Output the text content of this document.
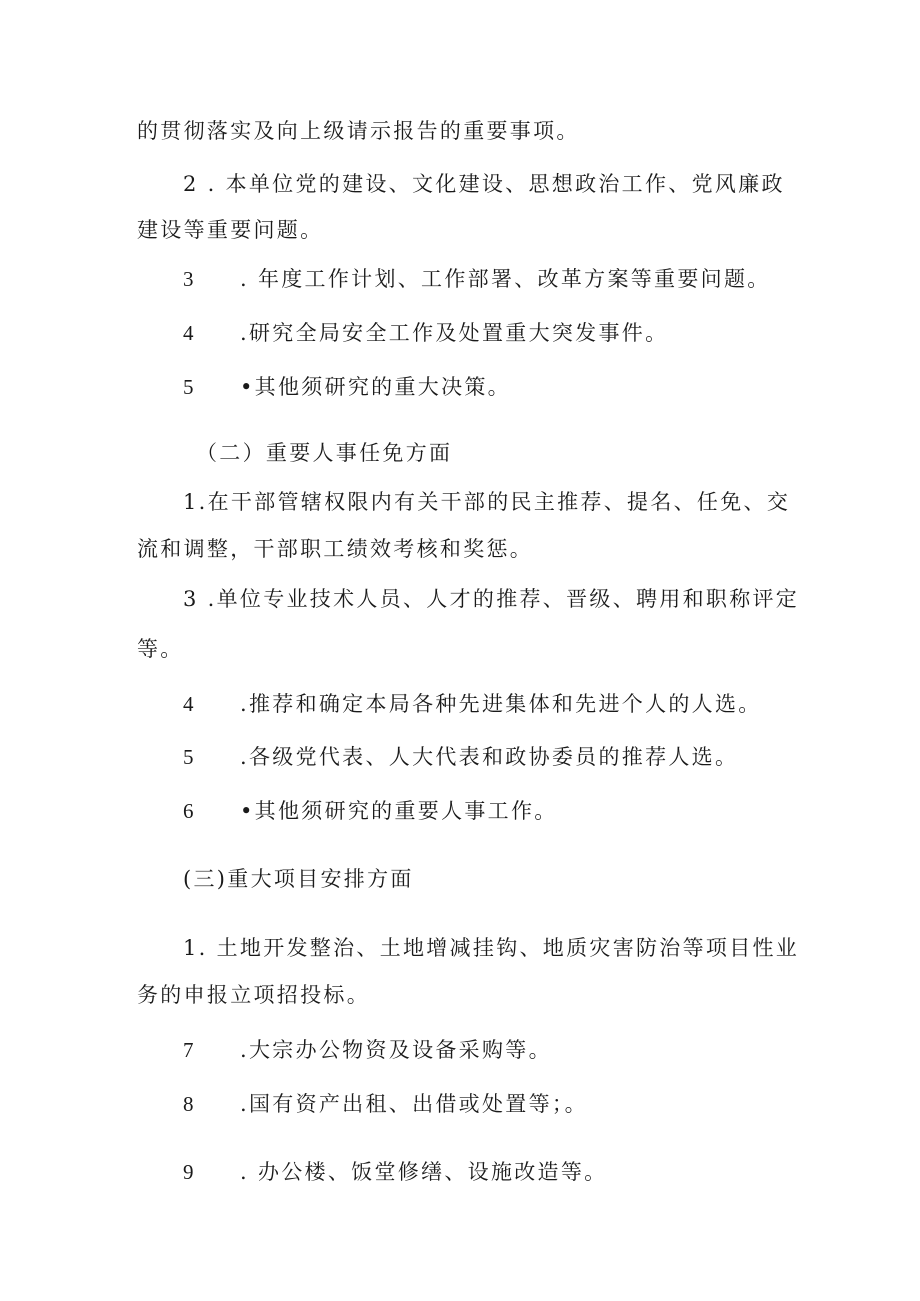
的贯彻落实及向上级请示报告的重要事项。
2 . 本单位党的建设、文化建设、思想政治工作、党风廉政
建设等重要问题。
3 . 年度工作计划、工作部署、改革方案等重要问题。
4 .研究全局安全工作及处置重大突发事件。
5 •其他须研究的重大决策。
（二）重要人事任免方面
1.在干部管辖权限内有关干部的民主推荐、提名、任免、交
流和调整，干部职工绩效考核和奖惩。
3 .单位专业技术人员、人才的推荐、晋级、聘用和职称评定
等。
4 .推荐和确定本局各种先进集体和先进个人的人选。
5 .各级党代表、人大代表和政协委员的推荐人选。
6 •其他须研究的重要人事工作。
(三)重大项目安排方面
1. 土地开发整治、土地增减挂钩、地质灾害防治等项目性业
务的申报立项招投标。
7 .大宗办公物资及设备采购等。
8 .国有资产出租、出借或处置等；。
9 . 办公楼、饭堂修缮、设施改造等。
